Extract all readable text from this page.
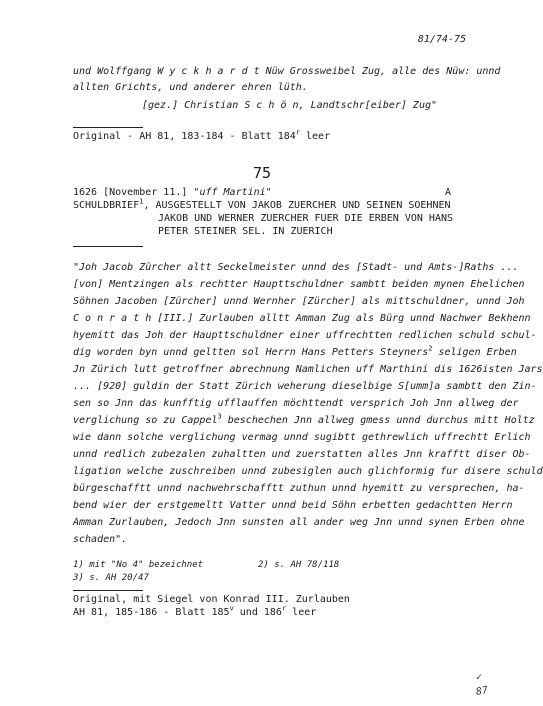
81/74-75
und Wolffgang W y c k h a r d t Nüw Grossweibel Zug, alle des Nüw: unnd
allten Grichts, und anderer ehren lüth.
[gez.] Christian S c h ö n, Landtschr[eiber] Zug"
Original - AH 81, 183-184 - Blatt 184$^r$ leer
75
1626 [November 11.] "uff Martini"	A
SCHULDBRIEF$^1$, AUSGESTELLT VON JAKOB ZUERCHER UND SEINEN SOEHNEN
JAKOB UND WERNER ZUERCHER FUER DIE ERBEN VON HANS
PETER STEINER SEL. IN ZUERICH
"Joh Jacob Zürcher altt Seckelmeister unnd des [Stadt- und Amts-]Raths ...
[von] Mentzingen als rechtter Haupttschuldner sambtt beiden mynen Ehelichen
Söhnen Jacoben [Zürcher] unnd Wernher [Zürcher] als mittschuldner, unnd Joh
C o n r a t h [III.] Zurlauben alltt Amman Zug als Bürg unnd Nachwer Bekhenn
hyemitt das Joh der Haupttschuldner einer uffrechtten redlichen schuld schul-
dig worden byn unnd geltten sol Herrn Hans Petters Steyners$^2$ seligen Erben
Jn Zürich lutt getroffner abrechnung Namlichen uff Marthini dis 1626isten Jars
... [920] guldin der Statt Zürich weherung dieselbige S[umm]a sambtt den Zin-
sen so Jnn das kunfftig ufflauffen möchttendt versprich Joh Jnn allweg der
verglichung so zu Cappel$^3$ beschechen Jnn allweg gmess unnd durchus mitt Holtz
wie dann solche verglichung vermag unnd sugibtt gethrewlich uffrechtt Erlich
unnd redlich zubezalen zuhaltten und zuerstatten alles Jnn krafftt diser Ob-
ligation welche zuschreiben unnd zubesiglen auch glichformig fur disere schuld
bürgeschafftt unnd nachwehrschafftt zuthun unnd hyemitt zu versprechen, ha-
bend wier der erstgemeltt Vatter unnd beid Söhn erbetten gedachtten Herrn
Amman Zurlauben, Jedoch Jnn sunsten all ander weg Jnn unnd synen Erben ohne
schaden".
1) mit "No 4" bezeichnet	2) s. AH 78/118
3) s. AH 20/47
Original, mit Siegel von Konrad III. Zurlauben
AH 81, 185-186 - Blatt 185$^v$ und 186$^r$ leer
✓
87
